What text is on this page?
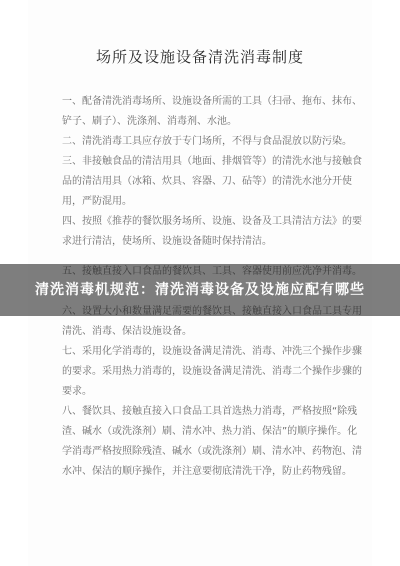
场所及设施设备清洗消毒制度
一、配备清洗消毒场所、设施设备所需的工具（扫帚、拖布、抹布、铲子、刷子）、洗涤剂、消毒剂、水池。
二、清洗消毒工具应存放于专门场所，不得与食品混放以防污染。
三、非接触食品的清洁用具（地面、排烟管等）的清洗水池与接触食品的清洁用具（冰箱、炊具、容器、刀、砧等）的清洗水池分开使用，严防混用。
四、按照《推荐的餐饮服务场所、设施、设备及工具清洁方法》的要求进行清洁，使场所、设施设备随时保持清洁。
清洗、消毒、保洁设施设备。
七、采用化学消毒的，设施设备满足清洗、消毒、冲洗三个操作步骤的要求。采用热力消毒的，设施设备满足清洗、消毒二个操作步骤的要求。
八、餐饮具、接触直接入口食品工具首选热力消毒，严格按照“除残渣、碱水（或洗涤剂）刷、清水冲、热力消、保洁”的顺序操作。化学消毒严格按照除残渣、碱水（或洗涤剂）刷、清水冲、药物泡、清水冲、保洁的顺序操作，并注意要彻底清洗干净，防止药物残留。
清洗消毒机规范：清洗消毒设备及设施应配有哪些
